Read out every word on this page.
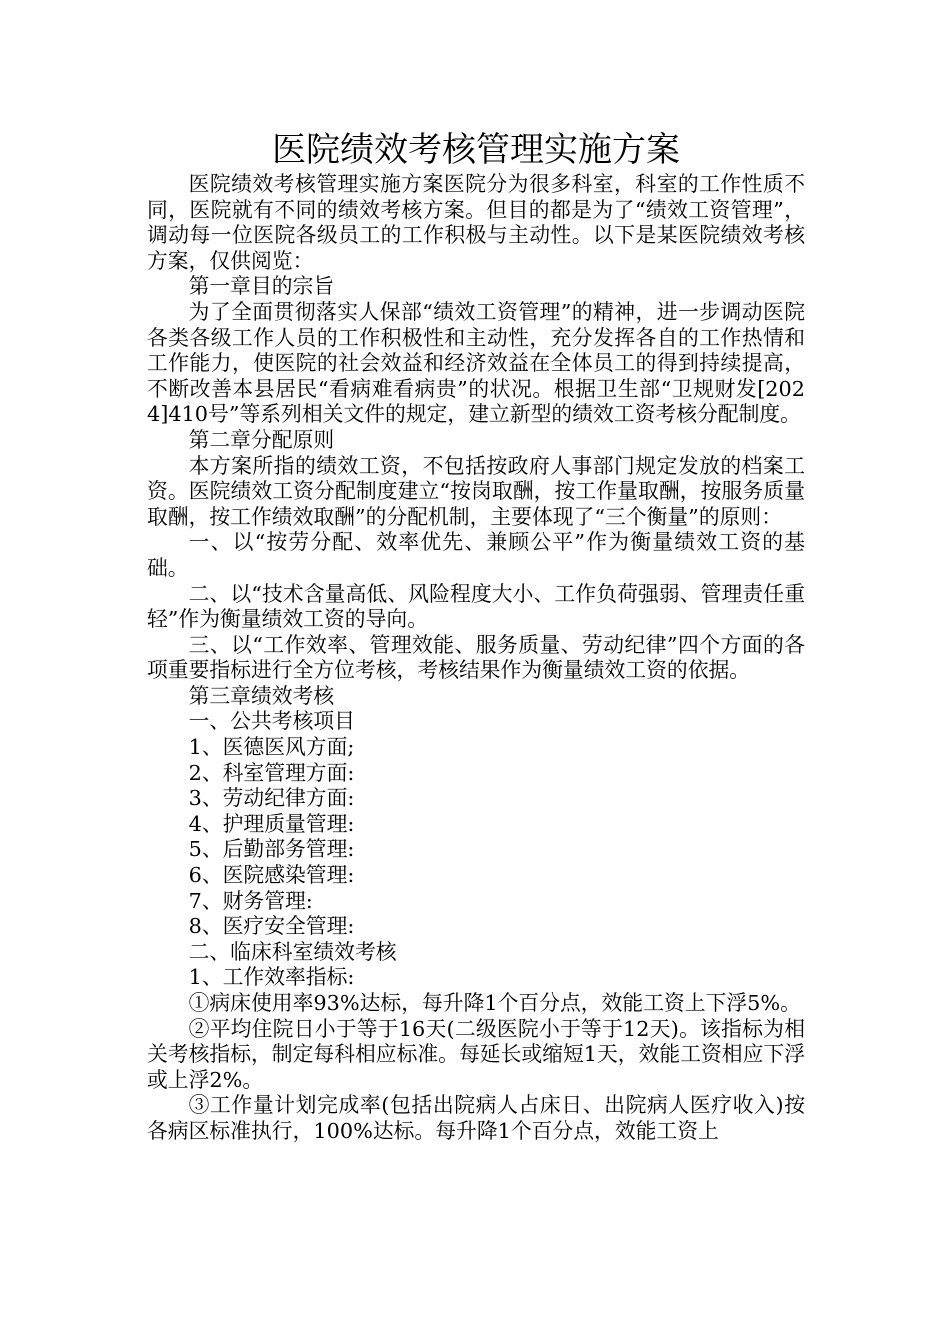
医院绩效考核管理实施方案

医院绩效考核管理实施方案医院分为很多科室，科室的工作性质不同，医院就有不同的绩效考核方案。但目的都是为了“绩效工资管理”，调动每一位医院各级员工的工作积极与主动性。以下是某医院绩效考核方案，仅供阅览：

第一章目的宗旨

为了全面贯彻落实人保部“绩效工资管理”的精神，进一步调动医院各类各级工作人员的工作积极性和主动性，充分发挥各自的工作热情和工作能力，使医院的社会效益和经济效益在全体员工的得到持续提高，不断改善本县居民“看病难看病贵”的状况。根据卫生部“卫规财发[2024]410号”等系列相关文件的规定，建立新型的绩效工资考核分配制度。

第二章分配原则

本方案所指的绩效工资，不包括按政府人事部门规定发放的档案工资。医院绩效工资分配制度建立“按岗取酬，按工作量取酬，按服务质量取酬，按工作绩效取酬”的分配机制，主要体现了“三个衡量”的原则：

一、以“按劳分配、效率优先、兼顾公平”作为衡量绩效工资的基础。

二、以“技术含量高低、风险程度大小、工作负荷强弱、管理责任重轻”作为衡量绩效工资的导向。

三、以“工作效率、管理效能、服务质量、劳动纪律”四个方面的各项重要指标进行全方位考核，考核结果作为衡量绩效工资的依据。

第三章绩效考核

一、公共考核项目

1、医德医风方面;

2、科室管理方面:

3、劳动纪律方面:

4、护理质量管理:

5、后勤部务管理:

6、医院感染管理:

7、财务管理:

8、医疗安全管理:

二、临床科室绩效考核

1、工作效率指标:

①病床使用率93%达标，每升降1个百分点，效能工资上下浮5%。

②平均住院日小于等于16天(二级医院小于等于12天)。该指标为相关考核指标，制定每科相应标准。每延长或缩短1天，效能工资相应下浮或上浮2%。

③工作量计划完成率(包括出院病人占床日、出院病人医疗收入)按各病区标准执行，100%达标。每升降1个百分点，效能工资上
